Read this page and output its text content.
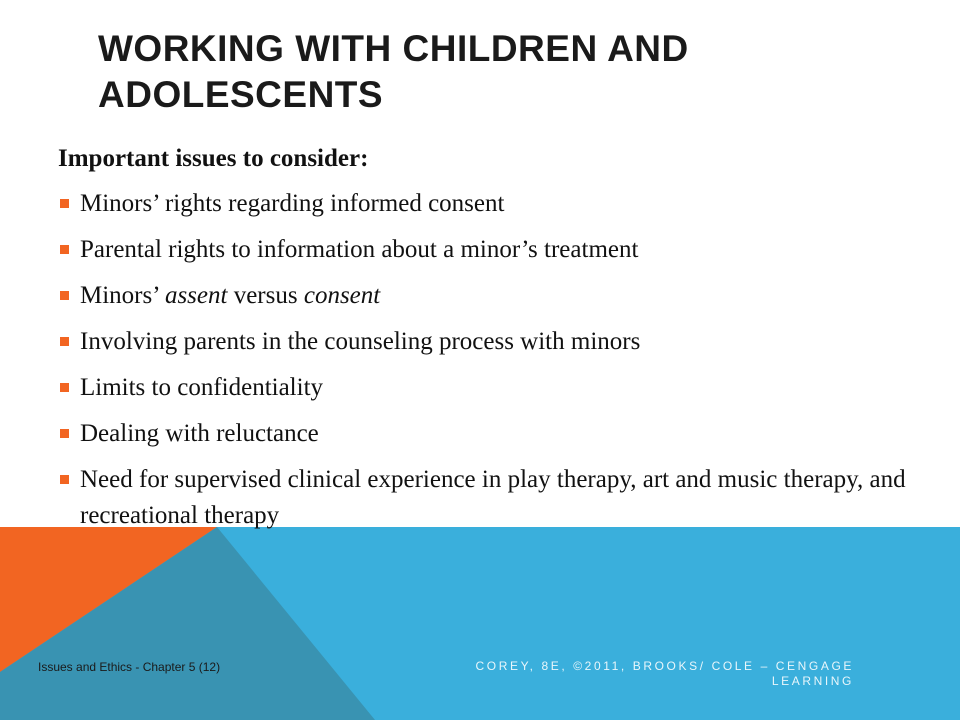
WORKING WITH CHILDREN AND ADOLESCENTS

Important issues to consider:

Minors’ rights regarding informed consent
Parental rights to information about a minor’s treatment
Minors’ assent versus consent
Involving parents in the counseling process with minors
Limits to confidentiality
Dealing with reluctance
Need for supervised clinical experience in play therapy, art and music therapy, and recreational therapy
Issues and Ethics - Chapter 5 (12)	COREY, 8E, ©2011, BROOKS/ COLE – CENGAGE LEARNING
